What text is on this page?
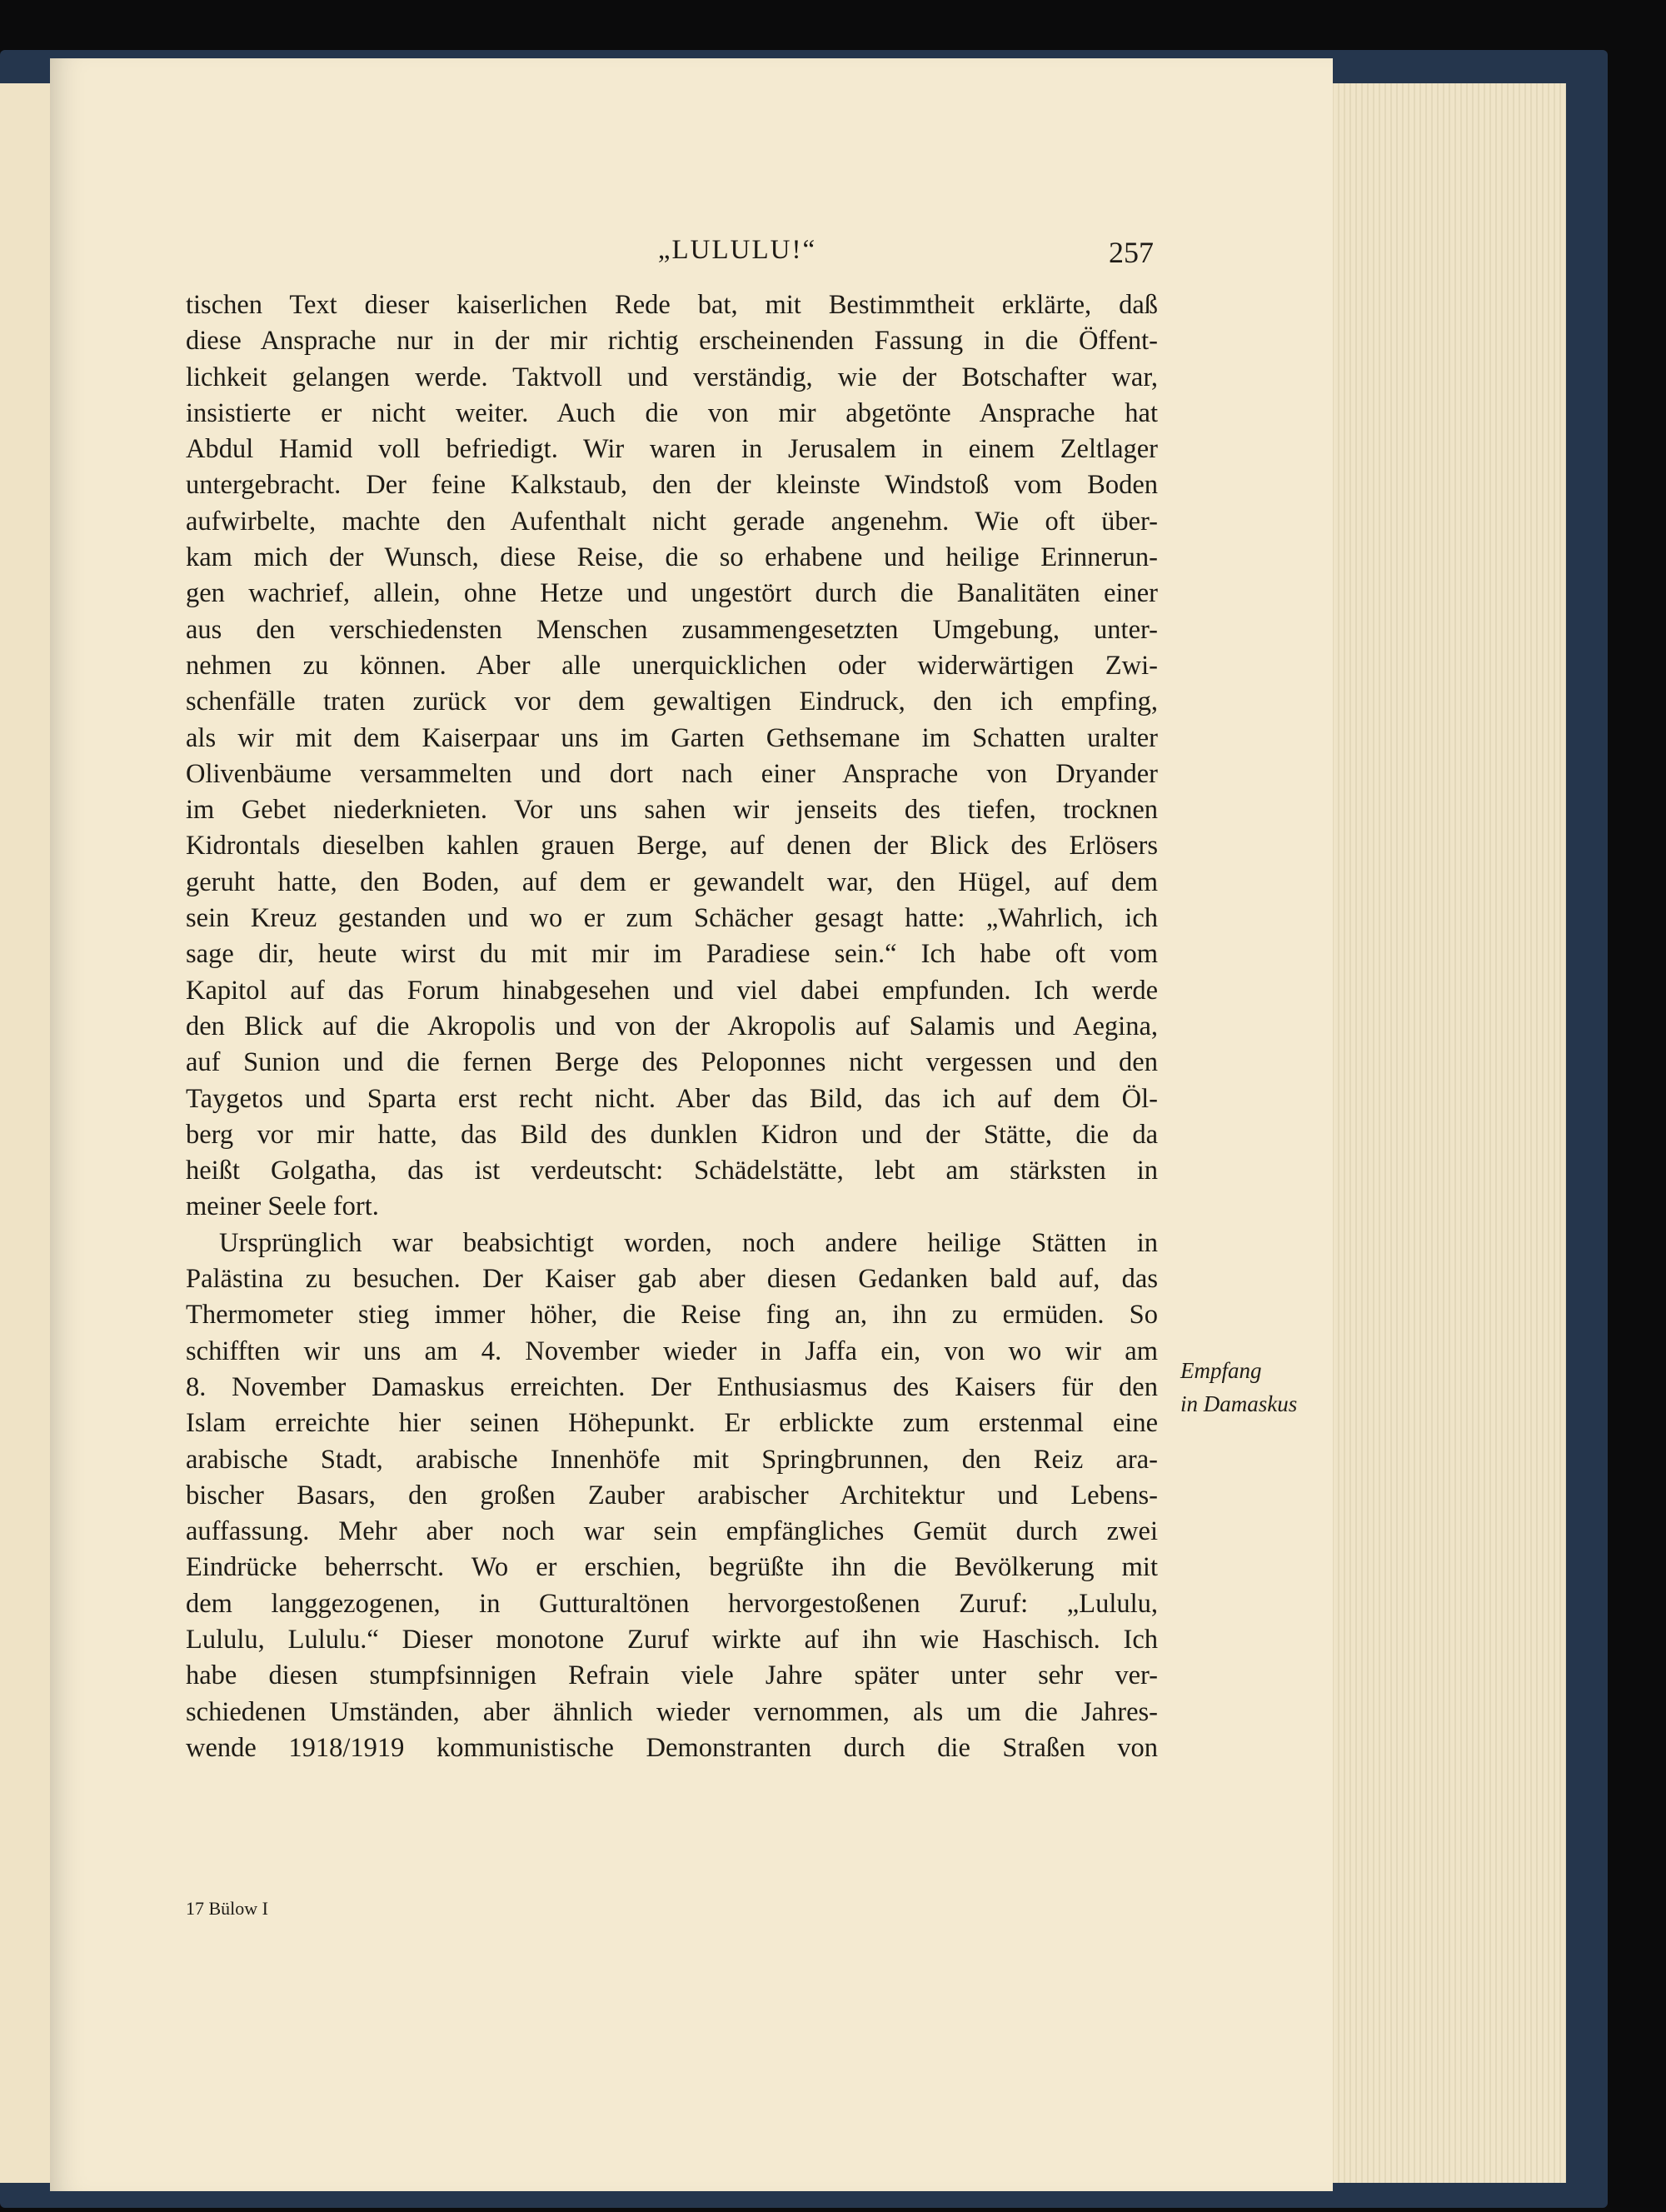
„LULULU!“	257
tischen Text dieser kaiserlichen Rede bat, mit Bestimmtheit erklärte, daß
diese Ansprache nur in der mir richtig erscheinenden Fassung in die Öffent-
lichkeit gelangen werde. Taktvoll und verständig, wie der Botschafter war,
insistierte er nicht weiter. Auch die von mir abgetönte Ansprache hat
Abdul Hamid voll befriedigt. Wir waren in Jerusalem in einem Zeltlager
untergebracht. Der feine Kalkstaub, den der kleinste Windstoß vom Boden
aufwirbelte, machte den Aufenthalt nicht gerade angenehm. Wie oft über-
kam mich der Wunsch, diese Reise, die so erhabene und heilige Erinnerun-
gen wachrief, allein, ohne Hetze und ungestört durch die Banalitäten einer
aus den verschiedensten Menschen zusammengesetzten Umgebung, unter-
nehmen zu können. Aber alle unerquicklichen oder widerwärtigen Zwi-
schenfälle traten zurück vor dem gewaltigen Eindruck, den ich empfing,
als wir mit dem Kaiserpaar uns im Garten Gethsemane im Schatten uralter
Olivenbäume versammelten und dort nach einer Ansprache von Dryander
im Gebet niederknieten. Vor uns sahen wir jenseits des tiefen, trocknen
Kidrontals dieselben kahlen grauen Berge, auf denen der Blick des Erlösers
geruht hatte, den Boden, auf dem er gewandelt war, den Hügel, auf dem
sein Kreuz gestanden und wo er zum Schächer gesagt hatte: „Wahrlich, ich
sage dir, heute wirst du mit mir im Paradiese sein.“ Ich habe oft vom
Kapitol auf das Forum hinabgesehen und viel dabei empfunden. Ich werde
den Blick auf die Akropolis und von der Akropolis auf Salamis und Aegina,
auf Sunion und die fernen Berge des Peloponnes nicht vergessen und den
Taygetos und Sparta erst recht nicht. Aber das Bild, das ich auf dem Öl-
berg vor mir hatte, das Bild des dunklen Kidron und der Stätte, die da
heißt Golgatha, das ist verdeutscht: Schädelstätte, lebt am stärksten in
meiner Seele fort.
Ursprünglich war beabsichtigt worden, noch andere heilige Stätten in
Palästina zu besuchen. Der Kaiser gab aber diesen Gedanken bald auf, das
Thermometer stieg immer höher, die Reise fing an, ihn zu ermüden. So
schifften wir uns am 4. November wieder in Jaffa ein, von wo wir am
8. November Damaskus erreichten. Der Enthusiasmus des Kaisers für den
Islam erreichte hier seinen Höhepunkt. Er erblickte zum erstenmal eine
arabische Stadt, arabische Innenhöfe mit Springbrunnen, den Reiz ara-
bischer Basars, den großen Zauber arabischer Architektur und Lebens-
auffassung. Mehr aber noch war sein empfängliches Gemüt durch zwei
Eindrücke beherrscht. Wo er erschien, begrüßte ihn die Bevölkerung mit
dem langgezogenen, in Gutturaltönen hervorgestoßenen Zuruf: „Lululu,
Lululu, Lululu.“ Dieser monotone Zuruf wirkte auf ihn wie Haschisch. Ich
habe diesen stumpfsinnigen Refrain viele Jahre später unter sehr ver-
schiedenen Umständen, aber ähnlich wieder vernommen, als um die Jahres-
wende 1918/1919 kommunistische Demonstranten durch die Straßen von
Empfang
in Damaskus
17 Bülow I
